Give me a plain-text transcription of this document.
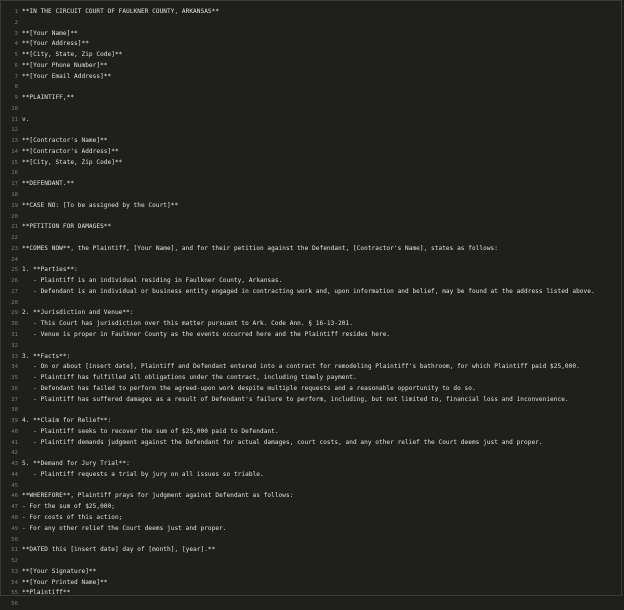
1 **IN THE CIRCUIT COURT OF FAULKNER COUNTY, ARKANSAS**
2
3 **[Your Name]**
4 **[Your Address]**
5 **[City, State, Zip Code]**
6 **[Your Phone Number]**
7 **[Your Email Address]**
8
9 **PLAINTIFF,**
10
11 v.
12
13 **[Contractor's Name]**
14 **[Contractor's Address]**
15 **[City, State, Zip Code]**
16
17 **DEFENDANT.**
18
19 **CASE NO: [To be assigned by the Court]**
20
21 **PETITION FOR DAMAGES**
22
23 **COMES NOW**, the Plaintiff, [Your Name], and for their petition against the Defendant, [Contractor's Name], states as follows:
24
25 1. **Parties**:
26 - Plaintiff is an individual residing in Faulkner County, Arkansas.
27 - Defendant is an individual or business entity engaged in contracting work and, upon information and belief, may be found at the address listed above.
28
29 2. **Jurisdiction and Venue**:
30 - This Court has jurisdiction over this matter pursuant to Ark. Code Ann. § 16-13-201.
31 - Venue is proper in Faulkner County as the events occurred here and the Plaintiff resides here.
32
33 3. **Facts**:
34 - On or about [insert date], Plaintiff and Defendant entered into a contract for remodeling Plaintiff's bathroom, for which Plaintiff paid $25,000.
35 - Plaintiff has fulfilled all obligations under the contract, including timely payment.
36 - Defendant has failed to perform the agreed-upon work despite multiple requests and a reasonable opportunity to do so.
37 - Plaintiff has suffered damages as a result of Defendant's failure to perform, including, but not limited to, financial loss and inconvenience.
38
39 4. **Claim for Relief**:
40 - Plaintiff seeks to recover the sum of $25,000 paid to Defendant.
41 - Plaintiff demands judgment against the Defendant for actual damages, court costs, and any other relief the Court deems just and proper.
42
43 5. **Demand for Jury Trial**:
44 - Plaintiff requests a trial by jury on all issues so triable.
45
46 **WHEREFORE**, Plaintiff prays for judgment against Defendant as follows:
47 - For the sum of $25,000;
48 - For costs of this action;
49 - For any other relief the Court deems just and proper.
50
51 **DATED this [insert date] day of [month], [year].**
52
53 **[Your Signature]**
54 **[Your Printed Name]**
55 **Plaintiff**
56
